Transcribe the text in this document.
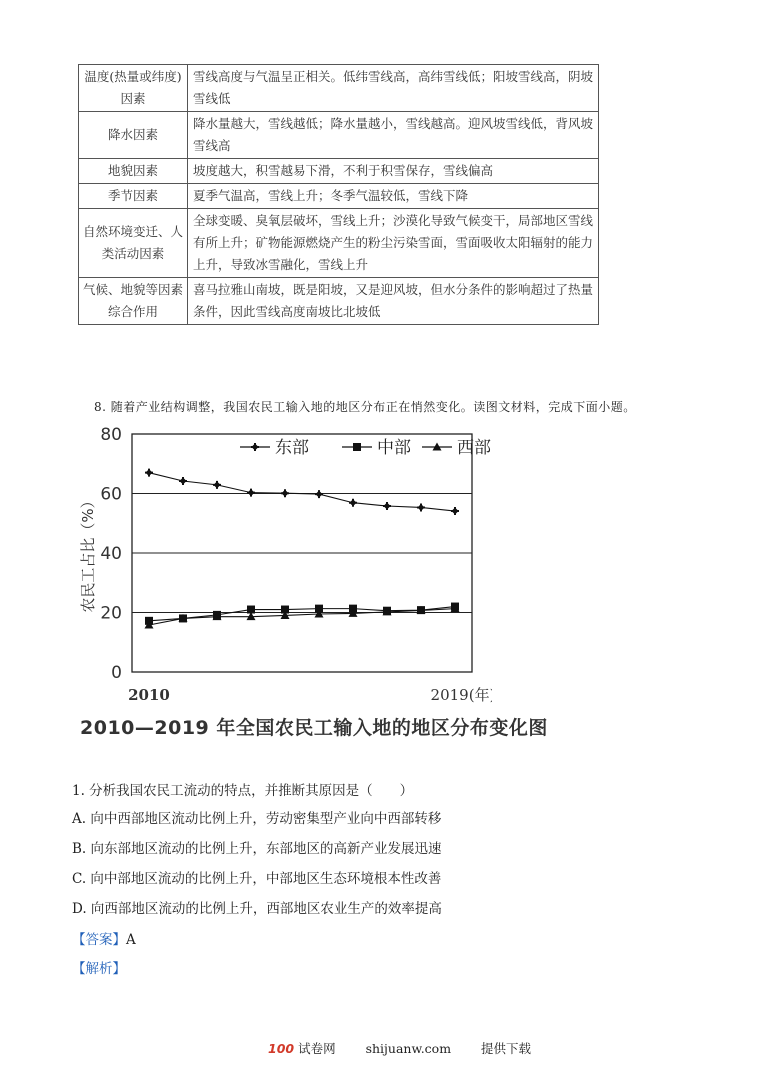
温度(热量或纬度)因素	雪线高度与气温呈正相关。低纬雪线高，高纬雪线低；阳坡雪线高，阴坡雪线低
降水因素	降水量越大，雪线越低；降水量越小，雪线越高。迎风坡雪线低，背风坡雪线高
地貌因素	坡度越大，积雪越易下滑，不利于积雪保存，雪线偏高
季节因素	夏季气温高，雪线上升；冬季气温较低，雪线下降
自然环境变迁、人类活动因素	全球变暖、臭氧层破坏，雪线上升；沙漠化导致气候变干，局部地区雪线有所上升；矿物能源燃烧产生的粉尘污染雪面，雪面吸收太阳辐射的能力上升，导致冰雪融化，雪线上升
气候、地貌等因素综合作用	喜马拉雅山南坡，既是阳坡，又是迎风坡，但水分条件的影响超过了热量条件，因此雪线高度南坡比北坡低
8. 随着产业结构调整，我国农民工输入地的地区分布正在悄然变化。读图文材料，完成下面小题。
0
20
40
60
80
2010	2019(年)
农民工占比（%）
东部	中部	西部
2010—2019 年全国农民工输入地的地区分布变化图
1. 分析我国农民工流动的特点，并推断其原因是（　　）
A. 向中西部地区流动比例上升，劳动密集型产业向中西部转移
B. 向东部地区流动的比例上升，东部地区的高新产业发展迅速
C. 向中部地区流动的比例上升，中部地区生态环境根本性改善
D. 向西部地区流动的比例上升，西部地区农业生产的效率提高
【答案】A
【解析】
100 试卷网 shijuanw.com 提供下载
